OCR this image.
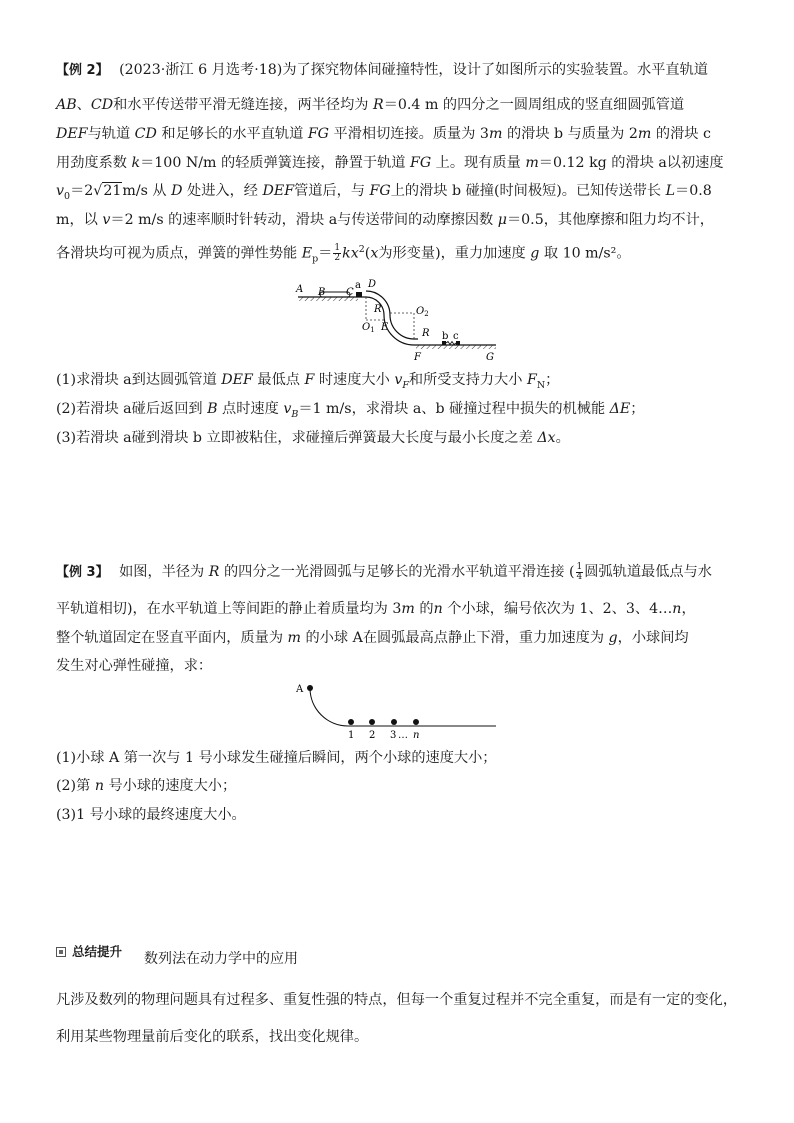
【例 2】 (2023·浙江 6 月选考·18)为了探究物体间碰撞特性，设计了如图所示的实验装置。水平直轨道
AB、CD和水平传送带平滑无缝连接，两半径均为 R＝0.4 m 的四分之一圆周组成的竖直细圆弧管道
DEF与轨道 CD 和足够长的水平直轨道 FG 平滑相切连接。质量为 3m 的滑块 b 与质量为 2m 的滑块 c
用劲度系数 k＝100 N/m 的轻质弹簧连接，静置于轨道 FG 上。现有质量 m＝0.12 kg 的滑块 a以初速度
$v_0=2√21m/s$ 从 D 处进入，经 DEF管道后，与 FG上的滑块 b 碰撞(时间极短)。已知传送带长 L＝0.8
m，以 v＝2 m/s 的速率顺时针转动，滑块 a与传送带间的动摩擦因数 μ＝0.5，其他摩擦和阻力均不计，
各滑块均可视为质点，弹簧的弹性势能 $E_p= \frac{1}{2} kx^2(x$为形变量)，重力加速度 g 取 10 m/s²。
A B C
a D
R
$O_1$ E
$O_2$
R b c
F	G
(1)求滑块 a到达圆弧管道 DEF 最低点 F 时速度大小 $v_F$和所受支持力大小 $F_N$；
(2)若滑块 a碰后返回到 B 点时速度 $v_B=1$ m/s，求滑块 a、b 碰撞过程中损失的机械能 ΔE；
(3)若滑块 a碰到滑块 b 立即被粘住，求碰撞后弹簧最大长度与最小长度之差 Δx。
【例 3】 如图，半径为 R 的四分之一光滑圆弧与足够长的光滑水平轨道平滑连接 ( $\frac{1}{4}$ 圆弧轨道最低点与水
平轨道相切)，在水平轨道上等间距的静止着质量均为 3m 的n 个小球，编号依次为 1、2、3、4…n，
整个轨道固定在竖直平面内，质量为 m 的小球 A在圆弧最高点静止下滑，重力加速度为 g，小球间均
发生对心弹性碰撞，求：
A
1 2 3 … n
(1)小球 A 第一次与 1 号小球发生碰撞后瞬间，两个小球的速度大小；
(2)第 n 号小球的速度大小；
(3)1 号小球的最终速度大小。
总结提升 数列法在动力学中的应用
凡涉及数列的物理问题具有过程多、重复性强的特点，但每一个重复过程并不完全重复，而是有一定的变化，
利用某些物理量前后变化的联系，找出变化规律。
